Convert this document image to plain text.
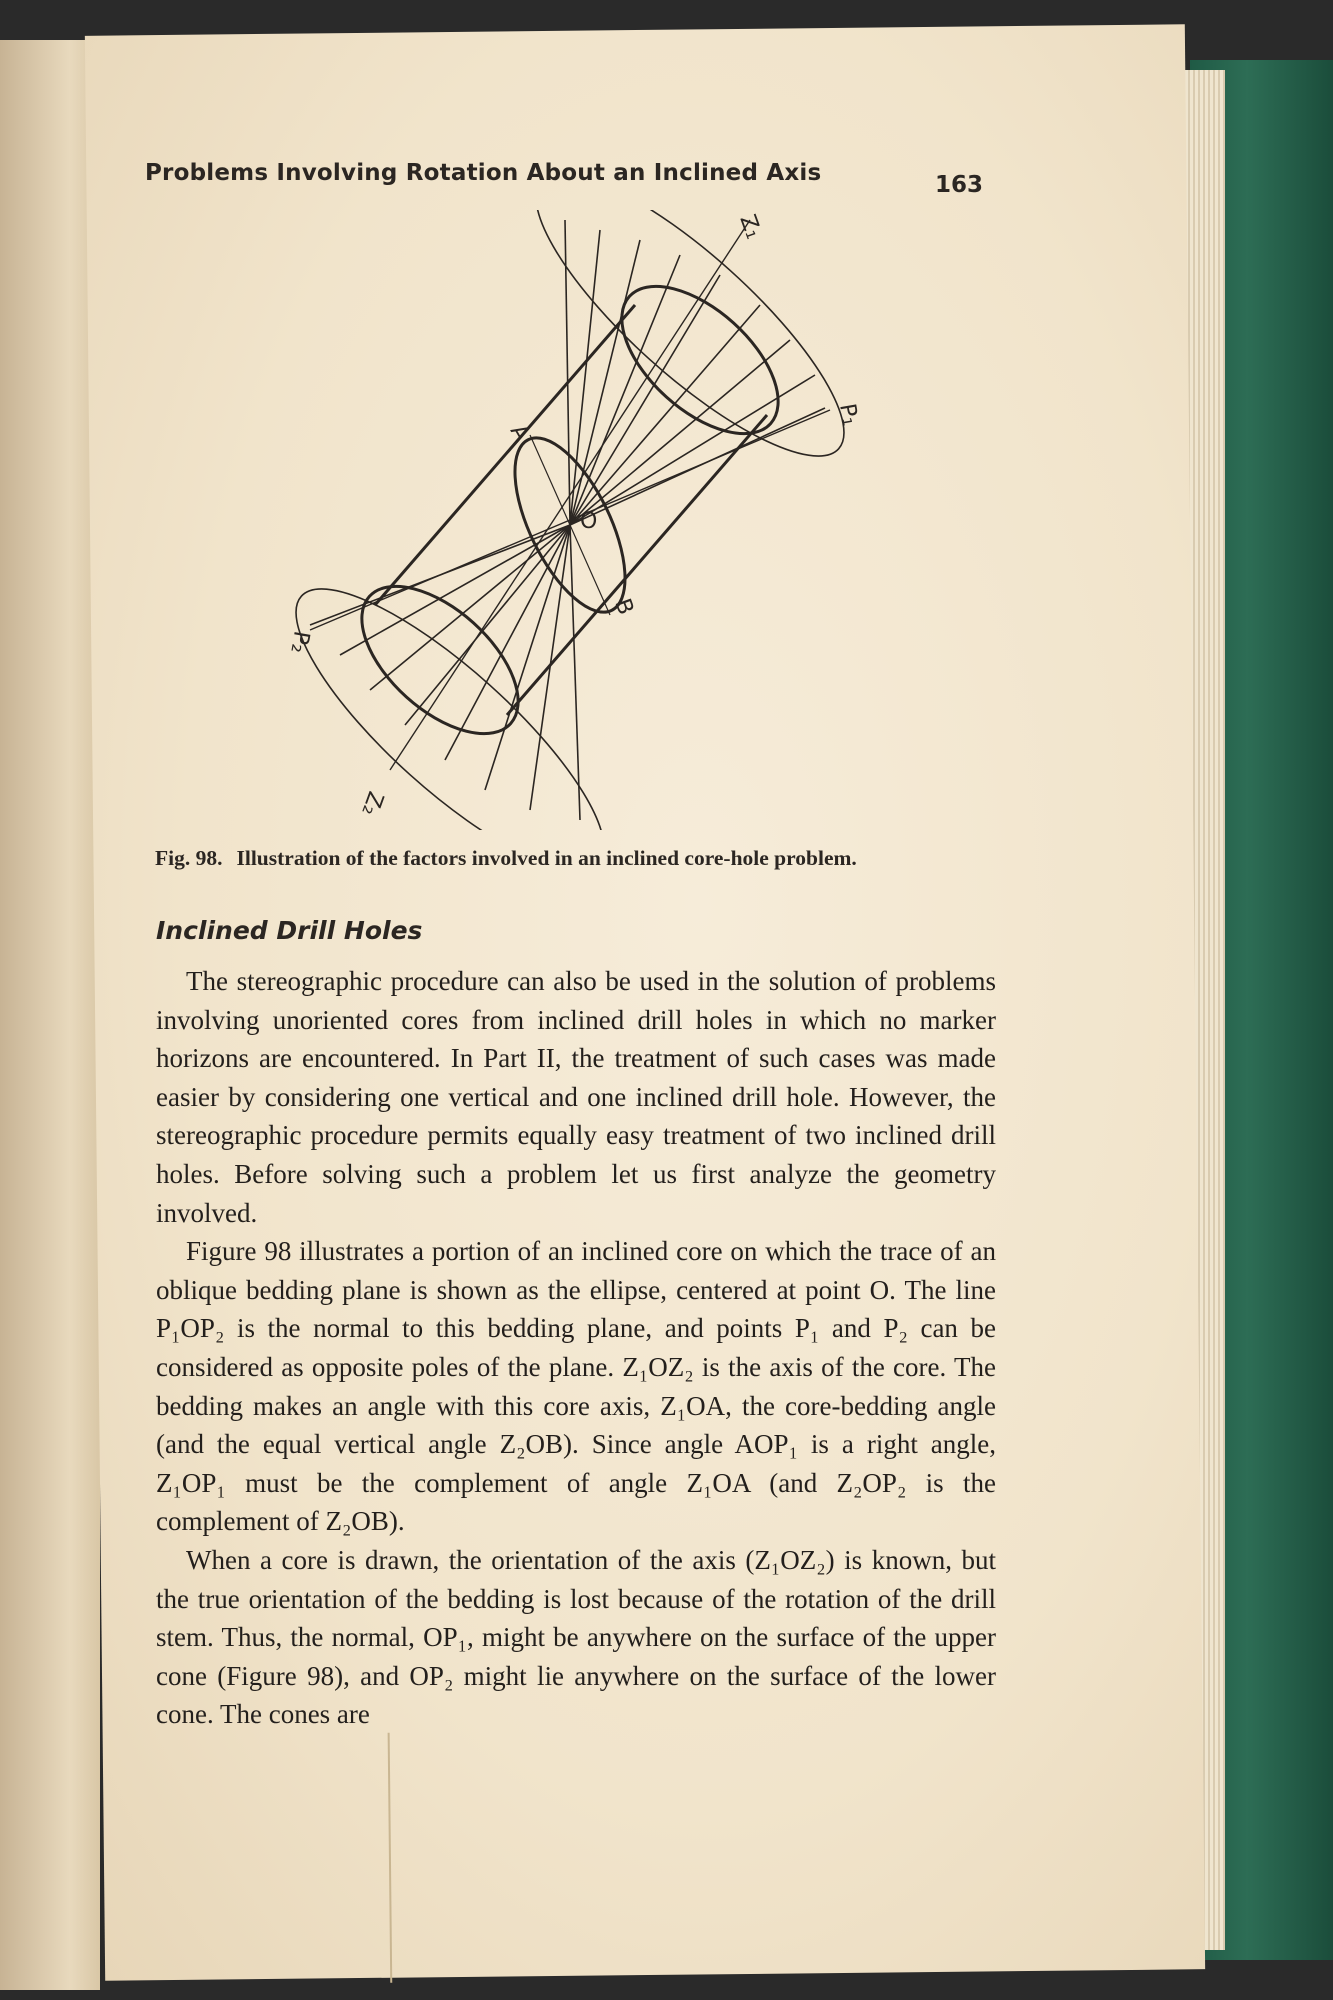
Problems Involving Rotation About an Inclined Axis	163
Z₁
P₁
A
O
B
P₂
Z₂
Fig. 98. Illustration of the factors involved in an inclined core-hole problem.
Inclined Drill Holes

The stereographic procedure can also be used in the solution of problems involving unoriented cores from inclined drill holes in which no marker horizons are encountered. In Part II, the treatment of such cases was made easier by considering one vertical and one inclined drill hole. However, the stereographic procedure permits equally easy treatment of two inclined drill holes. Before solving such a problem let us first analyze the geometry involved.

Figure 98 illustrates a portion of an inclined core on which the trace of an oblique bedding plane is shown as the ellipse, centered at point O. The line P₁OP₂ is the normal to this bedding plane, and points P₁ and P₂ can be considered as opposite poles of the plane. Z₁OZ₂ is the axis of the core. The bedding makes an angle with this core axis, Z₁OA, the core-bedding angle (and the equal vertical angle Z₂OB). Since angle AOP₁ is a right angle, Z₁OP₁ must be the complement of angle Z₁OA (and Z₂OP₂ is the complement of Z₂OB).

When a core is drawn, the orientation of the axis (Z₁OZ₂) is known, but the true orientation of the bedding is lost because of the rotation of the drill stem. Thus, the normal, OP₁, might be anywhere on the surface of the upper cone (Figure 98), and OP₂ might lie anywhere on the surface of the lower cone. The cones are
